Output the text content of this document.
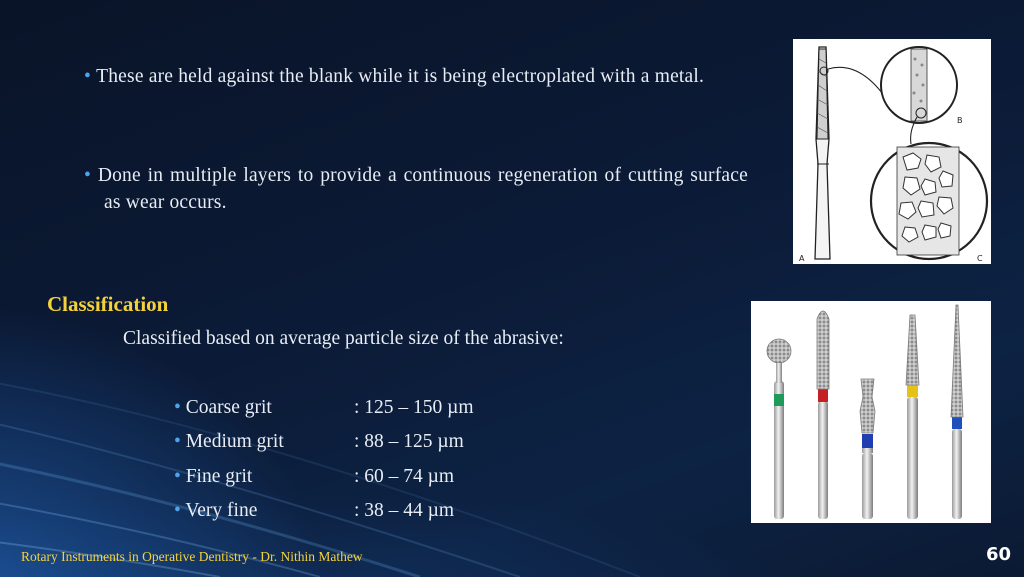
• These are held against the blank while it is being electroplated with a metal.
• Done in multiple layers to provide a continuous regeneration of cutting surface as wear occurs.
Classification
Classified based on average particle size of the abrasive:
• Coarse grit	: 125 – 150 µm
• Medium grit	: 88 – 125 µm
• Fine grit	: 60 – 74 µm
• Very fine	: 38 – 44 µm
B
A	C
Rotary Instruments in Operative Dentistry - Dr. Nithin Mathew	60
